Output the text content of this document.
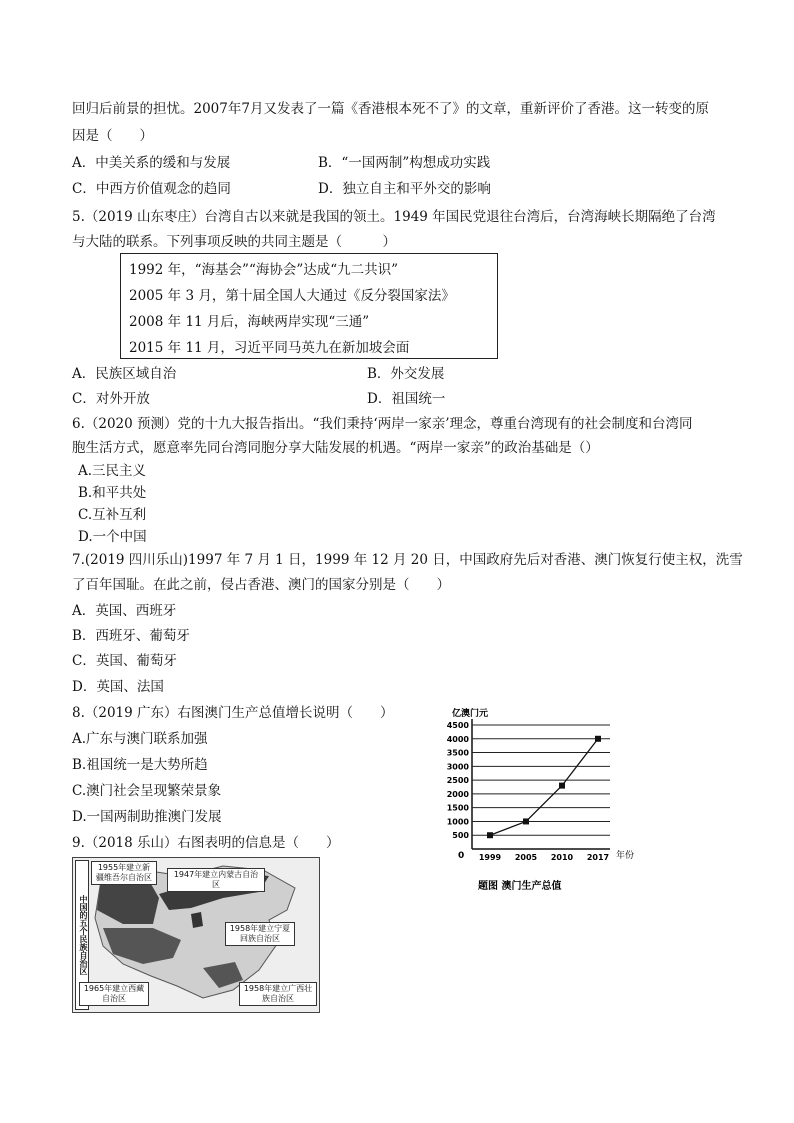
回归后前景的担忧。2007年7月又发表了一篇《香港根本死不了》的文章，重新评价了香港。这一转变的原
因是（　　）
A．中美关系的缓和与发展	B．“一国两制”构想成功实践
C．中西方价值观念的趋同	D．独立自主和平外交的影响
5.（2019 山东枣庄）台湾自古以来就是我国的领土。1949 年国民党退往台湾后，台湾海峡长期隔绝了台湾
与大陆的联系。下列事项反映的共同主题是（　　　）
1992 年，“海基会”“海协会”达成“九二共识”
2005 年 3 月，第十届全国人大通过《反分裂国家法》
2008 年 11 月后，海峡两岸实现“三通”
2015 年 11 月，习近平同马英九在新加坡会面
A．民族区域自治	B．外交发展
C．对外开放	D．祖国统一
6.（2020 预测）党的十九大报告指出。“我们秉持‘两岸一家亲’理念，尊重台湾现有的社会制度和台湾同
胞生活方式，愿意率先同台湾同胞分享大陆发展的机遇。“两岸一家亲”的政治基础是（）
A.三民主义
B.和平共处
C.互补互利
D.一个中国
7.(2019 四川乐山)1997 年 7 月 1 日，1999 年 12 月 20 日，中国政府先后对香港、澳门恢复行使主权，洗雪
了百年国耻。在此之前，侵占香港、澳门的国家分别是（　　）
A．英国、西班牙
B．西班牙、葡萄牙
C．英国、葡萄牙
D．英国、法国
8.（2019 广东）右图澳门生产总值增长说明（　　）
A.广东与澳门联系加强
B.祖国统一是大势所趋
C.澳门社会呈现繁荣景象
D.一国两制助推澳门发展
9.（2018 乐山）右图表明的信息是（　　）	500
1000
1500
2000
2500
3000
3500
4000
4500
1999 2005 2010 2017
亿澳门元
年份
0
题图 澳门生产总值
中国的五个民族自治区
1955年建立新疆维吾尔自治区	1947年建立内蒙古自治区
1958年建立宁夏回族自治区
1965年建立西藏自治区
1958年建立广西壮族自治区
